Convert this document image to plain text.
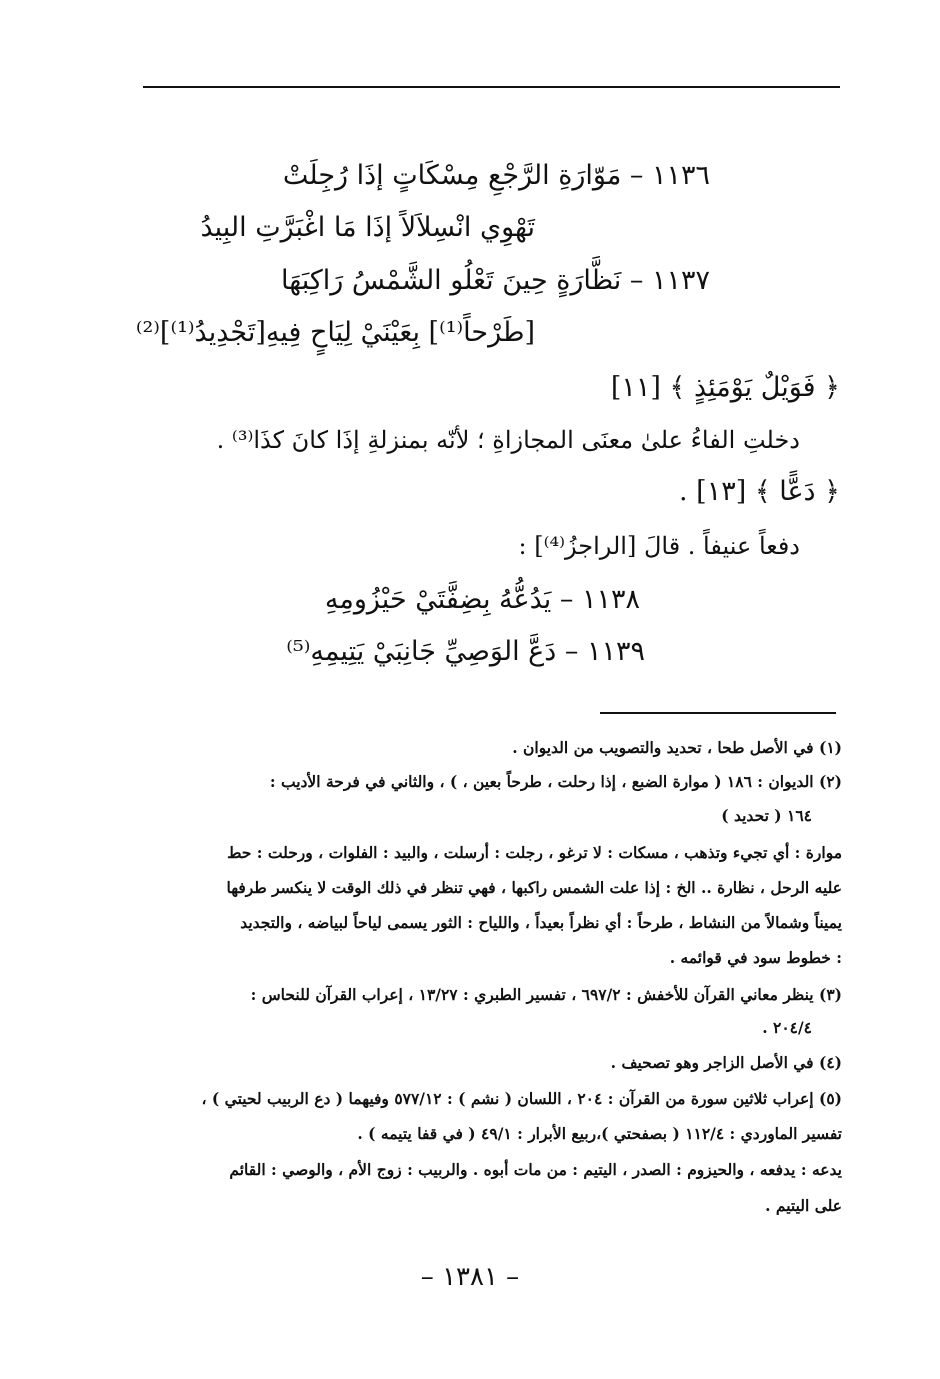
١١٣٦ – مَوّارَةِ الرَّجْعِ مِسْكَاتٍ إذَا رُجِلَتْ
تَهْوِي انْسِلاَلاً إذَا مَا اغْبَرَّتِ البِيدُ
١١٣٧ – نَظَّارَةٍ حِينَ تَعْلُو الشَّمْسُ رَاكِبَهَا
[طَرْحاً⁽¹⁾] بِعَيْنَيْ لِيَاحٍ فِيهِ[تَجْدِيدُ⁽¹⁾]⁽²⁾
﴿ فَوَيْلٌ يَوْمَئِذٍ ﴾ [١١]
دخلتِ الفاءُ علىٰ معنَى المجازاةِ ؛ لأنّه بمنزلةِ إذَا كانَ كذَا⁽³⁾ .
﴿ دَعًّا ﴾ [١٣] .
دفعاً عنيفاً . قالَ [الراجزُ⁽⁴⁾] :
١١٣٨ – يَدُعُّهُ بِضِفَّتَيْ حَيْزُومِهِ
١١٣٩ – دَعَّ الوَصِيِّ جَانِبَيْ يَتِيمِهِ⁽⁵⁾
(١) في الأصل طحا ، تحديد والتصويب من الديوان .
(٢) الديوان : ١٨٦ ( موارة الضبع ، إذا رحلت ، طرحاً بعين ، ) ، والثاني في فرحة الأديب :
١٦٤ ( تحديد )
موارة : أي تجيء وتذهب ، مسكات : لا ترغو ، رجلت : أرسلت ، والبيد : الفلوات ، ورحلت : حط
عليه الرحل ، نظارة .. الخ : إذا علت الشمس راكبها ، فهي تنظر في ذلك الوقت لا ينكسر طرفها
يميناً وشمالاً من النشاط ، طرحاً : أي نظراً بعيداً ، واللياح : الثور يسمى لياحاً لبياضه ، والتجديد
: خطوط سود في قوائمه .
(٣) ينظر معاني القرآن للأخفش : ٦٩٧/٢ ، تفسير الطبري : ١٣/٢٧ ، إعراب القرآن للنحاس :
٢٠٤/٤ .
(٤) في الأصل الزاجر وهو تصحيف .
(٥) إعراب ثلاثين سورة من القرآن : ٢٠٤ ، اللسان ( نشم ) : ٥٧٧/١٢ وفيهما ( دع الربيب لحيتي ) ،
تفسير الماوردي : ١١٢/٤ ( بصفحتي )،ربيع الأبرار : ٤٩/١ ( في قفا يتيمه ) .
يدعه : يدفعه ، والحيزوم : الصدر ، اليتيم : من مات أبوه . والربيب : زوج الأم ، والوصي : القائم
على اليتيم .
– ١٣٨١ –
